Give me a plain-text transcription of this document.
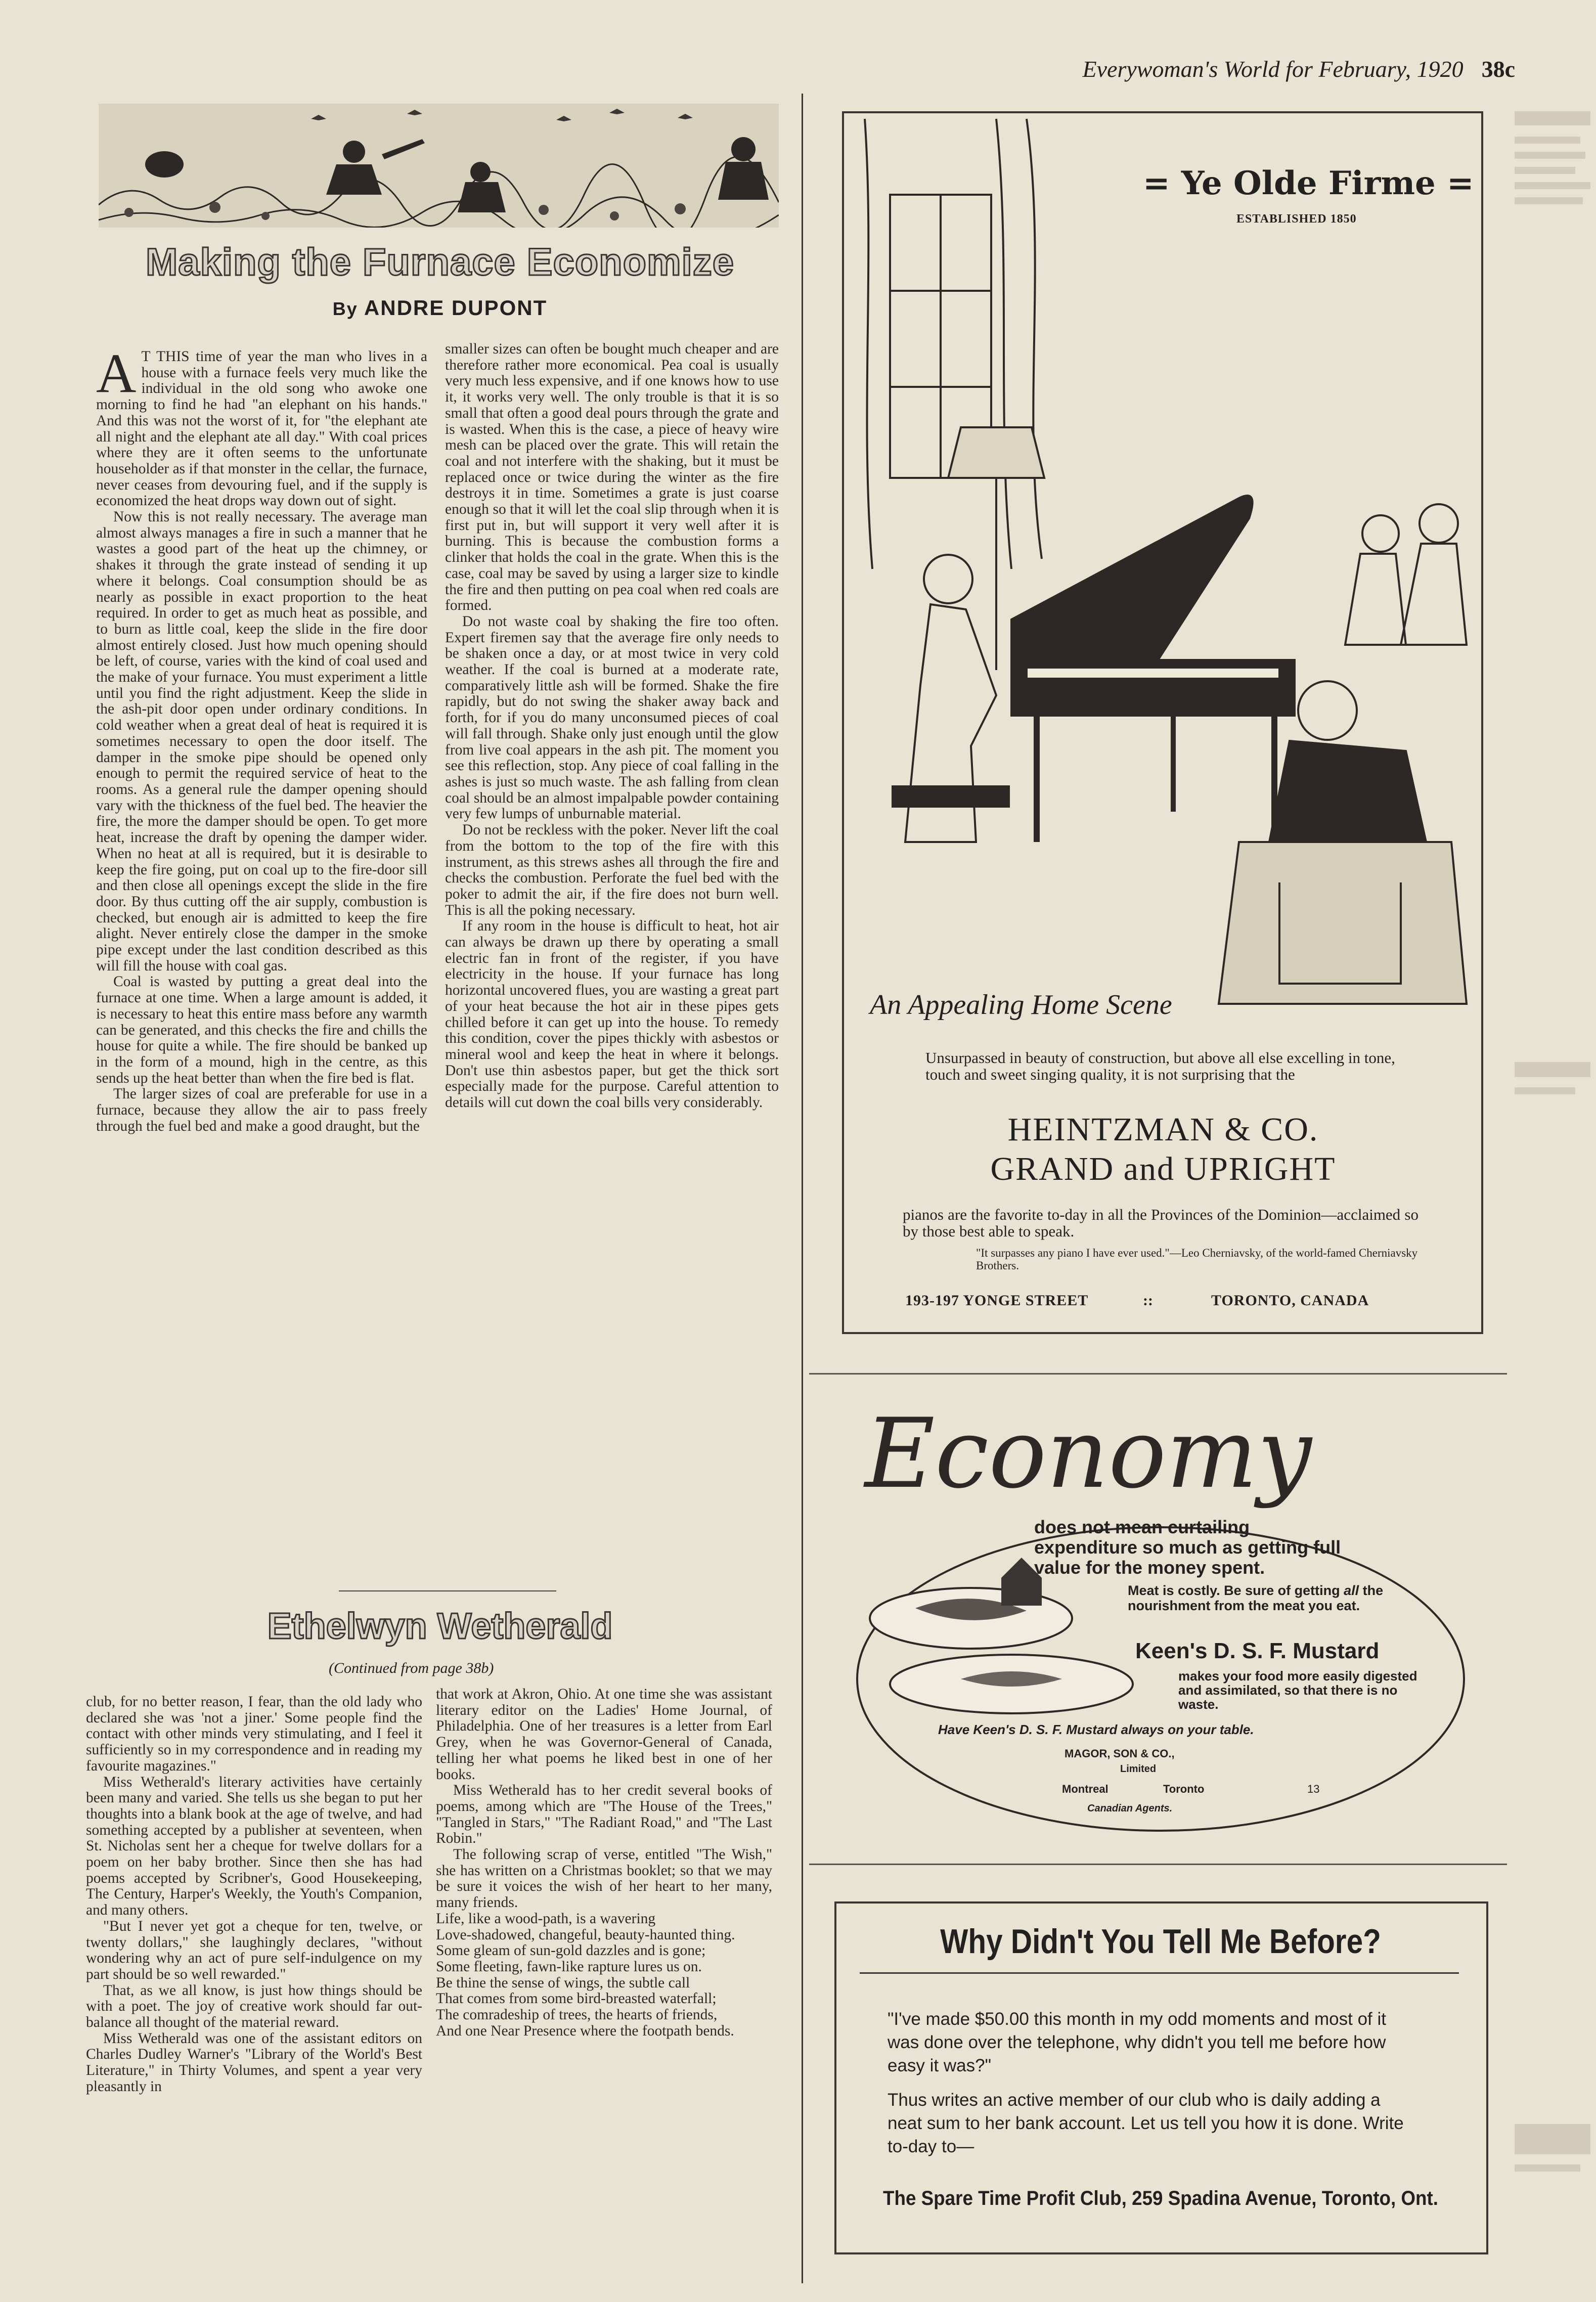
Everywoman's World for February, 1920 38c
Making the Furnace Economize
By ANDRE DUPONT

A T THIS time of year the man who lives in a house with a furnace feels very much like the individual in the old song who awoke one morning to find he had "an elephant on his hands." And this was not the worst of it, for "the elephant ate all night and the elephant ate all day." With coal prices where they are it often seems to the unfortunate householder as if that monster in the cellar, the furnace, never ceases from devouring fuel, and if the supply is economized the heat drops way down out of sight.

Now this is not really necessary. The average man almost always manages a fire in such a manner that he wastes a good part of the heat up the chimney, or shakes it through the grate instead of sending it up where it belongs. Coal consumption should be as nearly as possible in exact proportion to the heat required. In order to get as much heat as possible, and to burn as little coal, keep the slide in the fire door almost entirely closed. Just how much opening should be left, of course, varies with the kind of coal used and the make of your furnace. You must experiment a little until you find the right adjustment. Keep the slide in the ash-pit door open under ordinary conditions. In cold weather when a great deal of heat is required it is sometimes necessary to open the door itself. The damper in the smoke pipe should be opened only enough to permit the required service of heat to the rooms. As a general rule the damper opening should vary with the thickness of the fuel bed. The heavier the fire, the more the damper should be open. To get more heat, increase the draft by opening the damper wider. When no heat at all is required, but it is desirable to keep the fire going, put on coal up to the fire-door sill and then close all openings except the slide in the fire door. By thus cutting off the air supply, combustion is checked, but enough air is admitted to keep the fire alight. Never entirely close the damper in the smoke pipe except under the last condition described as this will fill the house with coal gas.

Coal is wasted by putting a great deal into the furnace at one time. When a large amount is added, it is necessary to heat this entire mass before any warmth can be generated, and this checks the fire and chills the house for quite a while. The fire should be banked up in the form of a mound, high in the centre, as this sends up the heat better than when the fire bed is flat.

The larger sizes of coal are preferable for use in a furnace, because they allow the air to pass freely through the fuel bed and make a good draught, but the

smaller sizes can often be bought much cheaper and are therefore rather more economical. Pea coal is usually very much less expensive, and if one knows how to use it, it works very well. The only trouble is that it is so small that often a good deal pours through the grate and is wasted. When this is the case, a piece of heavy wire mesh can be placed over the grate. This will retain the coal and not interfere with the shaking, but it must be replaced once or twice during the winter as the fire destroys it in time. Sometimes a grate is just coarse enough so that it will let the coal slip through when it is first put in, but will support it very well after it is burning. This is because the combustion forms a clinker that holds the coal in the grate. When this is the case, coal may be saved by using a larger size to kindle the fire and then putting on pea coal when red coals are formed.

Do not waste coal by shaking the fire too often. Expert firemen say that the average fire only needs to be shaken once a day, or at most twice in very cold weather. If the coal is burned at a moderate rate, comparatively little ash will be formed. Shake the fire rapidly, but do not swing the shaker away back and forth, for if you do many unconsumed pieces of coal will fall through. Shake only just enough until the glow from live coal appears in the ash pit. The moment you see this reflection, stop. Any piece of coal falling in the ashes is just so much waste. The ash falling from clean coal should be an almost impalpable powder containing very few lumps of unburnable material.

Do not be reckless with the poker. Never lift the coal from the bottom to the top of the fire with this instrument, as this strews ashes all through the fire and checks the combustion. Perforate the fuel bed with the poker to admit the air, if the fire does not burn well. This is all the poking necessary.

If any room in the house is difficult to heat, hot air can always be drawn up there by operating a small electric fan in front of the register, if you have electricity in the house. If your furnace has long horizontal uncovered flues, you are wasting a great part of your heat because the hot air in these pipes gets chilled before it can get up into the house. To remedy this condition, cover the pipes thickly with asbestos or mineral wool and keep the heat in where it belongs. Don't use thin asbestos paper, but get the thick sort especially made for the purpose. Careful attention to details will cut down the coal bills very considerably.

Ethelwyn Wetherald
(Continued from page 38b)

club, for no better reason, I fear, than the old lady who declared she was 'not a jiner.' Some people find the contact with other minds very stimulating, and I feel it sufficiently so in my correspondence and in reading my favourite magazines."

Miss Wetherald's literary activities have certainly been many and varied. She tells us she began to put her thoughts into a blank book at the age of twelve, and had something accepted by a publisher at seventeen, when St. Nicholas sent her a cheque for twelve dollars for a poem on her baby brother. Since then she has had poems accepted by Scribner's, Good Housekeeping, The Century, Harper's Weekly, the Youth's Companion, and many others.

"But I never yet got a cheque for ten, twelve, or twenty dollars," she laughingly declares, "without wondering why an act of pure self-indulgence on my part should be so well rewarded."

That, as we all know, is just how things should be with a poet. The joy of creative work should far out-balance all thought of the material reward.

Miss Wetherald was one of the assistant editors on Charles Dudley Warner's "Library of the World's Best Literature," in Thirty Volumes, and spent a year very pleasantly in

that work at Akron, Ohio. At one time she was assistant literary editor on the Ladies' Home Journal, of Philadelphia. One of her treasures is a letter from Earl Grey, when he was Governor-General of Canada, telling her what poems he liked best in one of her books.

Miss Wetherald has to her credit several books of poems, among which are "The House of the Trees," "Tangled in Stars," "The Radiant Road," and "The Last Robin."

The following scrap of verse, entitled "The Wish," she has written on a Christmas booklet; so that we may be sure it voices the wish of her heart to her many, many friends.

Life, like a wood-path, is a wavering

Love-shadowed, changeful, beauty-haunted thing.

Some gleam of sun-gold dazzles and is gone;

Some fleeting, fawn-like rapture lures us on.

Be thine the sense of wings, the subtle call

That comes from some bird-breasted waterfall;

The comradeship of trees, the hearts of friends,

And one Near Presence where the footpath bends.

= Ye Olde Firme =
ESTABLISHED 1850
An Appealing Home Scene
Unsurpassed in beauty of construction, but above all else excelling in tone, touch and sweet singing quality, it is not surprising that the
HEINTZMAN & CO.
GRAND and UPRIGHT
pianos are the favorite to-day in all the Provinces of the Dominion—acclaimed so by those best able to speak.
"It surpasses any piano I have ever used."—Leo Cherniavsky, of the world-famed Cherniavsky Brothers.
193-197 YONGE STREET	::	TORONTO, CANADA
Economy
does not mean curtailing expenditure so much as getting full value for the money spent.
Meat is costly. Be sure of getting all the nourishment from the meat you eat.
Keen's D. S. F. Mustard
makes your food more easily digested and assimilated, so that there is no waste.
Have Keen's D. S. F. Mustard always on your table.
MAGOR, SON & CO.,
Limited
Montreal	Toronto	13
Canadian Agents.
Why Didn't You Tell Me Before?
"I've made $50.00 this month in my odd moments and most of it was done over the telephone, why didn't you tell me before how easy it was?"
Thus writes an active member of our club who is daily adding a neat sum to her bank account. Let us tell you how it is done. Write to-day to—
The Spare Time Profit Club, 259 Spadina Avenue, Toronto, Ont.
